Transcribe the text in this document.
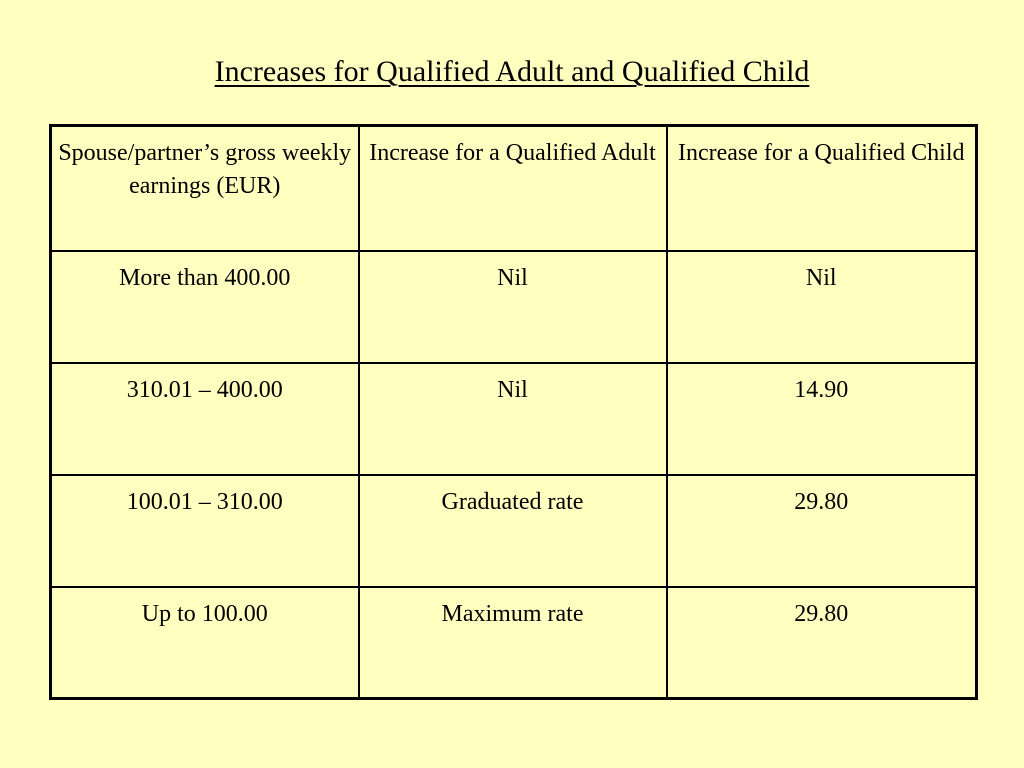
Increases for Qualified Adult and Qualified Child
Spouse/partner’s gross weekly earnings (EUR)	Increase for a Qualified Adult	Increase for a Qualified Child
More than 400.00	Nil	Nil
310.01 – 400.00	Nil	14.90
100.01 – 310.00	Graduated rate	29.80
Up to 100.00	Maximum rate	29.80
